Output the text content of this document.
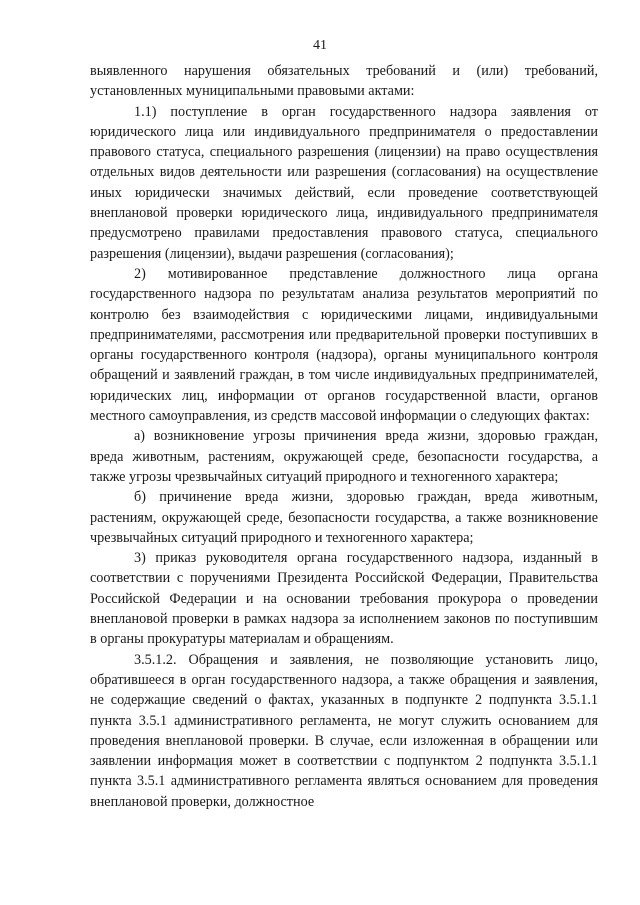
41

выявленного нарушения обязательных требований и (или) требований, установленных муниципальными правовыми актами:

1.1) поступление в орган государственного надзора заявления от юридического лица или индивидуального предпринимателя о предоставлении правового статуса, специального разрешения (лицензии) на право осуществления отдельных видов деятельности или разрешения (согласования) на осуществление иных юридически значимых действий, если проведение соответствующей внеплановой проверки юридического лица, индивидуального предпринимателя предусмотрено правилами предоставления правового статуса, специального разрешения (лицензии), выдачи разрешения (согласования);

2) мотивированное представление должностного лица органа государственного надзора по результатам анализа результатов мероприятий по контролю без взаимодействия с юридическими лицами, индивидуальными предпринимателями, рассмотрения или предварительной проверки поступивших в органы государственного контроля (надзора), органы муниципального контроля обращений и заявлений граждан, в том числе индивидуальных предпринимателей, юридических лиц, информации от органов государственной власти, органов местного самоуправления, из средств массовой информации о следующих фактах:

а) возникновение угрозы причинения вреда жизни, здоровью граждан, вреда животным, растениям, окружающей среде, безопасности государства, а также угрозы чрезвычайных ситуаций природного и техногенного характера;

б) причинение вреда жизни, здоровью граждан, вреда животным, растениям, окружающей среде, безопасности государства, а также возникновение чрезвычайных ситуаций природного и техногенного характера;

3) приказ руководителя органа государственного надзора, изданный в соответствии с поручениями Президента Российской Федерации, Правительства Российской Федерации и на основании требования прокурора о проведении внеплановой проверки в рамках надзора за исполнением законов по поступившим в органы прокуратуры материалам и обращениям.

3.5.1.2. Обращения и заявления, не позволяющие установить лицо, обратившееся в орган государственного надзора, а также обращения и заявления, не содержащие сведений о фактах, указанных в подпункте 2 подпункта 3.5.1.1 пункта 3.5.1 административного регламента, не могут служить основанием для проведения внеплановой проверки. В случае, если изложенная в обращении или заявлении информация может в соответствии с подпунктом 2 подпункта 3.5.1.1 пункта 3.5.1 административного регламента являться основанием для проведения внеплановой проверки, должностное
